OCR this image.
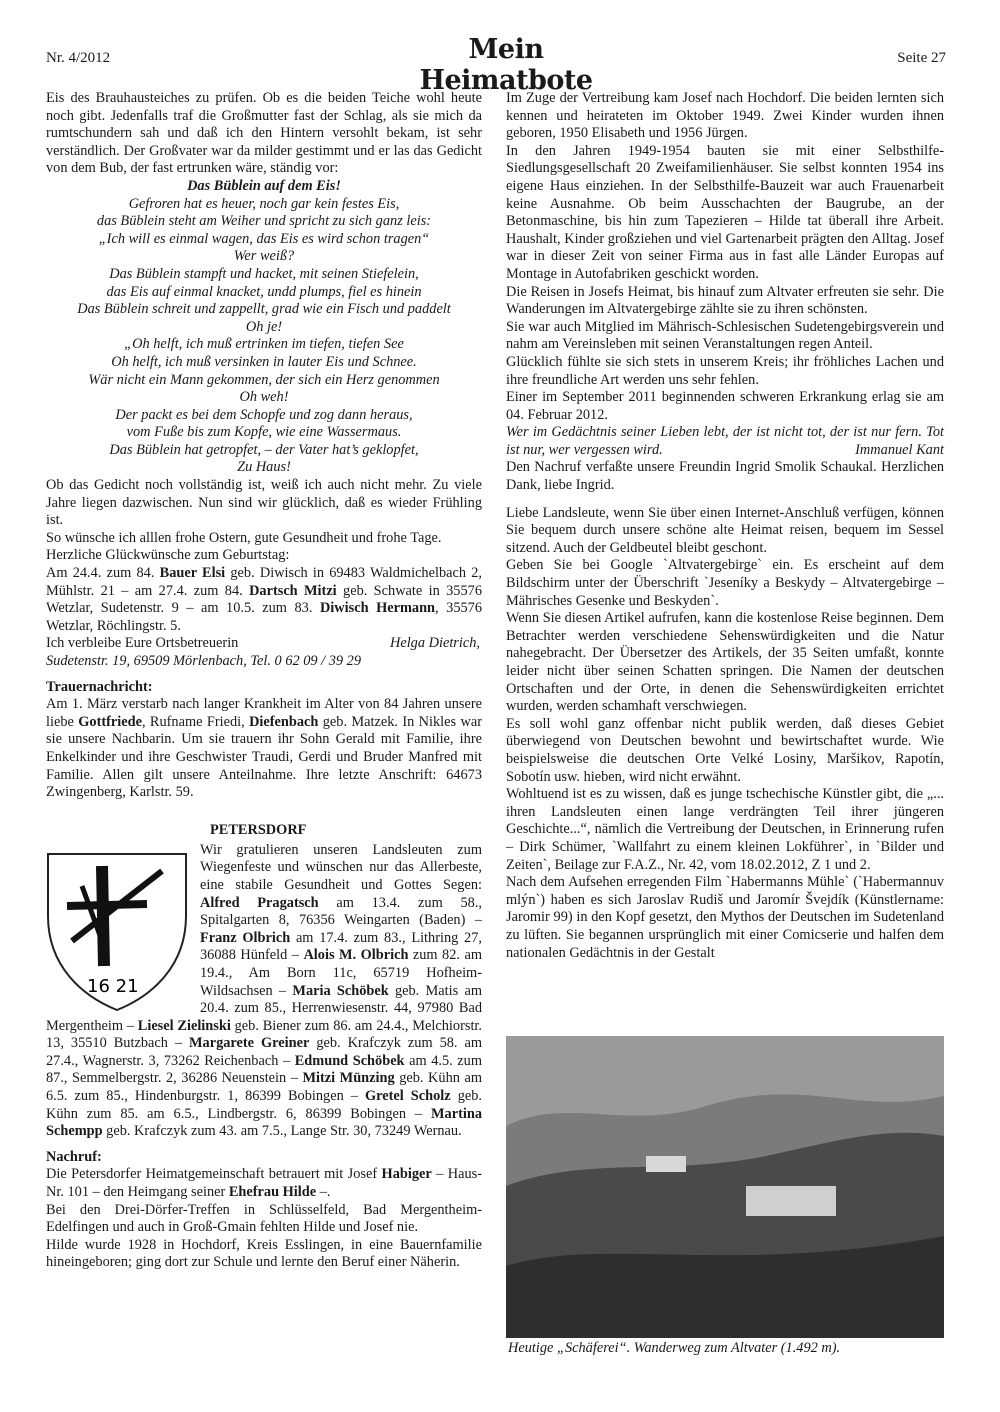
Nr. 4/2012	Mein Heimatbote
Seite 27

Eis des Brauhausteiches zu prüfen. Ob es die beiden Teiche wohl heute noch gibt. Jedenfalls traf die Großmutter fast der Schlag, als sie mich da rumtschundern sah und daß ich den Hintern versohlt bekam, ist sehr verständlich. Der Großvater war da milder gestimmt und er las das Gedicht von dem Bub, der fast ertrunken wäre, ständig vor:

Das Büblein auf dem Eis!

Gefroren hat es heuer, noch gar kein festes Eis,

das Büblein steht am Weiher und spricht zu sich ganz leis:

„Ich will es einmal wagen, das Eis es wird schon tragen“

Wer weiß?

Das Büblein stampft und hacket, mit seinen Stiefelein,

das Eis auf einmal knacket, undd plumps, fiel es hinein

Das Büblein schreit und zappellt, grad wie ein Fisch und paddelt

Oh je!

„Oh helft, ich muß ertrinken im tiefen, tiefen See

Oh helft, ich muß versinken in lauter Eis und Schnee.

Wär nicht ein Mann gekommen, der sich ein Herz genommen

Oh weh!

Der packt es bei dem Schopfe und zog dann heraus,

vom Fuße bis zum Kopfe, wie eine Wassermaus.

Das Büblein hat getropfet, – der Vater hat’s geklopfet,

Zu Haus!

Ob das Gedicht noch vollständig ist, weiß ich auch nicht mehr. Zu viele Jahre liegen dazwischen. Nun sind wir glücklich, daß es wieder Frühling ist.

So wünsche ich alllen frohe Ostern, gute Gesundheit und frohe Tage.

Herzliche Glückwünsche zum Geburtstag:

Am 24.4. zum 84. Bauer Elsi geb. Diwisch in 69483 Waldmichelbach 2, Mühlstr. 21 – am 27.4. zum 84. Dartsch Mitzi geb. Schwate in 35576 Wetzlar, Sudetenstr. 9 – am 10.5. zum 83. Diwisch Hermann, 35576 Wetzlar, Röchlingstr. 5.

Ich verbleibe Eure Ortsbetreuerin	Helga Dietrich,

Sudetenstr. 19, 69509 Mörlenbach, Tel. 0 62 09 / 39 29

Trauernachricht:

Am 1. März verstarb nach langer Krankheit im Alter von 84 Jahren unsere liebe Gottfriede, Rufname Friedi, Diefenbach geb. Matzek. In Nikles war sie unsere Nachbarin. Um sie trauern ihr Sohn Gerald mit Familie, ihre Enkelkinder und ihre Geschwister Traudi, Gerdi und Bruder Manfred mit Familie. Allen gilt unsere Anteilnahme. Ihre letzte Anschrift: 64673 Zwingenberg, Karlstr. 59.

PETERSDORF
16 21

Wir gratulieren unseren Landsleuten zum Wiegenfeste und wünschen nur das Allerbeste, eine stabile Gesundheit und Gottes Segen: Alfred Pragatsch am 13.4. zum 58., Spitalgarten 8, 76356 Weingarten (Baden) – Franz Olbrich am 17.4. zum 83., Lithring 27, 36088 Hünfeld – Alois M. Olbrich zum 82. am 19.4., Am Born 11c, 65719 Hofheim-Wildsachsen – Maria Schöbek geb. Matis am 20.4. zum 85., Herrenwiesenstr. 44, 97980 Bad Mergentheim – Liesel Zielinski geb. Biener zum 86. am 24.4., Melchiorstr. 13, 35510 Butzbach – Margarete Greiner geb. Krafczyk zum 58. am 27.4., Wagnerstr. 3, 73262 Reichenbach – Edmund Schöbek am 4.5. zum 87., Semmelbergstr. 2, 36286 Neuenstein – Mitzi Münzing geb. Kühn am 6.5. zum 85., Hindenburgstr. 1, 86399 Bobingen – Gretel Scholz geb. Kühn zum 85. am 6.5., Lindbergstr. 6, 86399 Bobingen – Martina Schempp geb. Krafczyk zum 43. am 7.5., Lange Str. 30, 73249 Wernau.

Nachruf:

Die Petersdorfer Heimatgemeinschaft betrauert mit Josef Habiger – Haus-Nr. 101 – den Heimgang seiner Ehefrau Hilde –.

Bei den Drei-Dörfer-Treffen in Schlüsselfeld, Bad Mergentheim-Edelfingen und auch in Groß-Gmain fehlten Hilde und Josef nie.

Hilde wurde 1928 in Hochdorf, Kreis Esslingen, in eine Bauernfamilie hineingeboren; ging dort zur Schule und lernte den Beruf einer Näherin.

Im Zuge der Vertreibung kam Josef nach Hochdorf. Die beiden lernten sich kennen und heirateten im Oktober 1949. Zwei Kinder wurden ihnen geboren, 1950 Elisabeth und 1956 Jürgen.

In den Jahren 1949-1954 bauten sie mit einer Selbsthilfe-Siedlungsgesellschaft 20 Zweifamilienhäuser. Sie selbst konnten 1954 ins eigene Haus einziehen. In der Selbsthilfe-Bauzeit war auch Frauenarbeit keine Ausnahme. Ob beim Ausschachten der Baugrube, an der Betonmaschine, bis hin zum Tapezieren – Hilde tat überall ihre Arbeit. Haushalt, Kinder großziehen und viel Gartenarbeit prägten den Alltag. Josef war in dieser Zeit von seiner Firma aus in fast alle Länder Europas auf Montage in Autofabriken geschickt worden.

Die Reisen in Josefs Heimat, bis hinauf zum Altvater erfreuten sie sehr. Die Wanderungen im Altvatergebirge zählte sie zu ihren schönsten.

Sie war auch Mitglied im Mährisch-Schlesischen Sudetengebirgsverein und nahm am Vereinsleben mit seinen Veranstaltungen regen Anteil.

Glücklich fühlte sie sich stets in unserem Kreis; ihr fröhliches Lachen und ihre freundliche Art werden uns sehr fehlen.

Einer im September 2011 beginnenden schweren Erkrankung erlag sie am 04. Februar 2012.

Wer im Gedächtnis seiner Lieben lebt, der ist nicht tot, der ist nur fern. Tot ist nur, wer vergessen wird.	Immanuel Kant

Den Nachruf verfaßte unsere Freundin Ingrid Smolik Schaukal. Herzlichen Dank, liebe Ingrid.

Liebe Landsleute, wenn Sie über einen Internet-Anschluß verfügen, können Sie bequem durch unsere schöne alte Heimat reisen, bequem im Sessel sitzend. Auch der Geldbeutel bleibt geschont.

Geben Sie bei Google `Altvatergebirge` ein. Es erscheint auf dem Bildschirm unter der Überschrift `Jeseníky a Beskydy – Altvatergebirge – Mährisches Gesenke und Beskyden`.

Wenn Sie diesen Artikel aufrufen, kann die kostenlose Reise beginnen. Dem Betrachter werden verschiedene Sehenswürdigkeiten und die Natur nahegebracht. Der Übersetzer des Artikels, der 35 Seiten umfaßt, konnte leider nicht über seinen Schatten springen. Die Namen der deutschen Ortschaften und der Orte, in denen die Sehenswürdigkeiten errichtet wurden, werden schamhaft verschwiegen.

Es soll wohl ganz offenbar nicht publik werden, daß dieses Gebiet überwiegend von Deutschen bewohnt und bewirtschaftet wurde. Wie beispielsweise die deutschen Orte Velké Losiny, Maršikov, Rapotín, Sobotín usw. hieben, wird nicht erwähnt.

Wohltuend ist es zu wissen, daß es junge tschechische Künstler gibt, die „... ihren Landsleuten einen lange verdrängten Teil ihrer jüngeren Geschichte...“, nämlich die Vertreibung der Deutschen, in Erinnerung rufen – Dirk Schümer, `Wallfahrt zu einem kleinen Lokführer`, in `Bilder und Zeiten`, Beilage zur F.A.Z., Nr. 42, vom 18.02.2012, Z 1 und 2.

Nach dem Aufsehen erregenden Film `Habermanns Mühle` (`Habermannuv mlýn`) haben es sich Jaroslav Rudiš und Jaromír Švejdík (Künstlername: Jaromir 99) in den Kopf gesetzt, den Mythos der Deutschen im Sudetenland zu lüften. Sie begannen ursprünglich mit einer Comicserie und halfen dem nationalen Gedächtnis in der Gestalt

Heutige „Schäferei“. Wanderweg zum Altvater (1.492 m).
